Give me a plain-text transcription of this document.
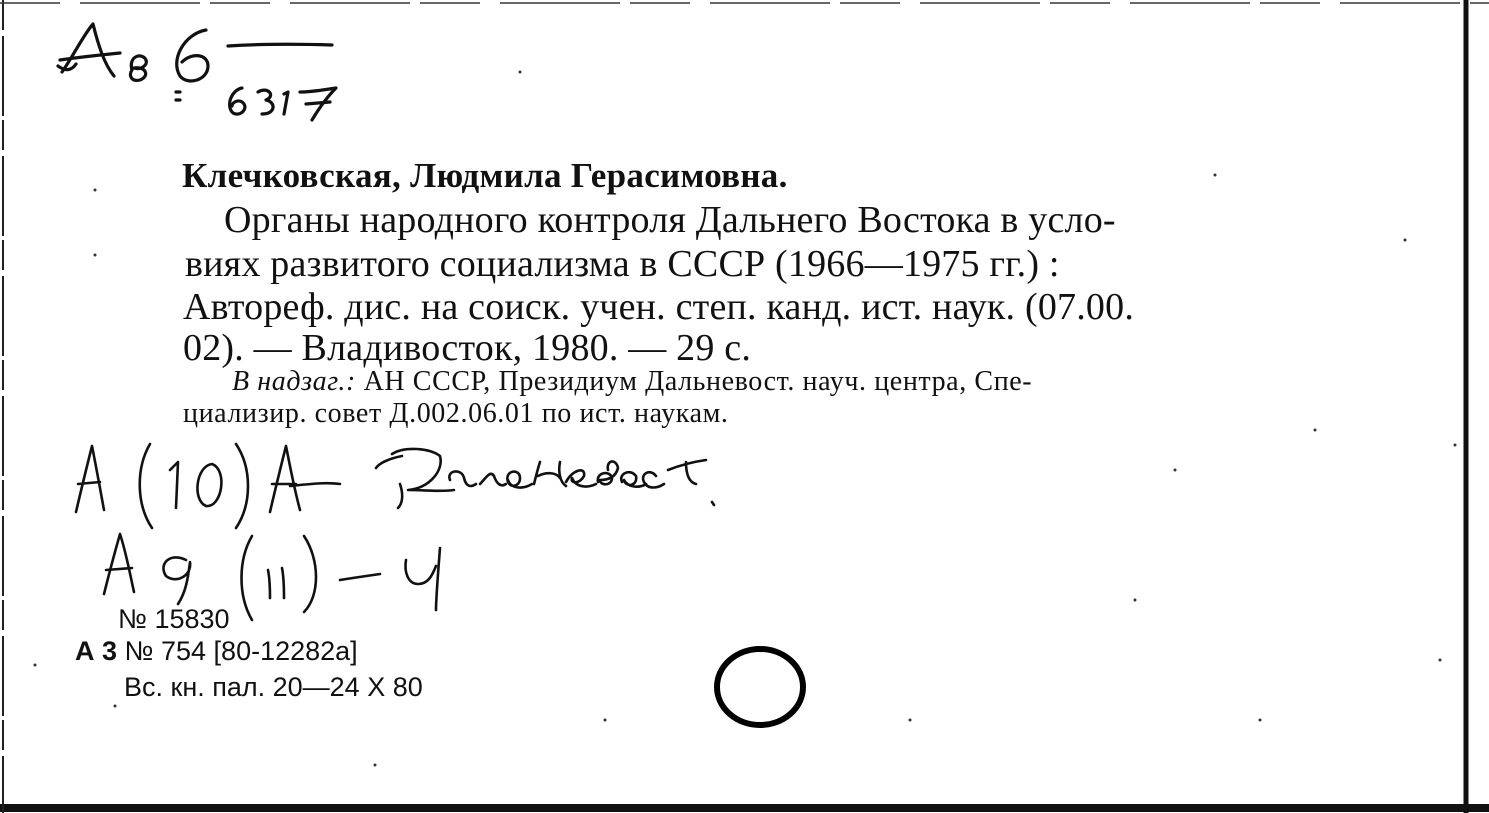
Клечковская, Людмила Герасимовна.
Органы народного контроля Дальнего Востока в усло-
виях развитого социализма в СССР (1966—1975 гг.) :
Автореф. дис. на соиск. учен. степ. канд. ист. наук. (07.00.
02). — Владивосток, 1980. — 29 с.
В надзаг.: АН СССР, Президиум Дальневост. науч. центра, Спе-
циализир. совет Д.002.06.01 по ист. наукам.
№ 15830
А 3 № 754 [80-12282а]
Вс. кн. пал. 20—24 Х 80
